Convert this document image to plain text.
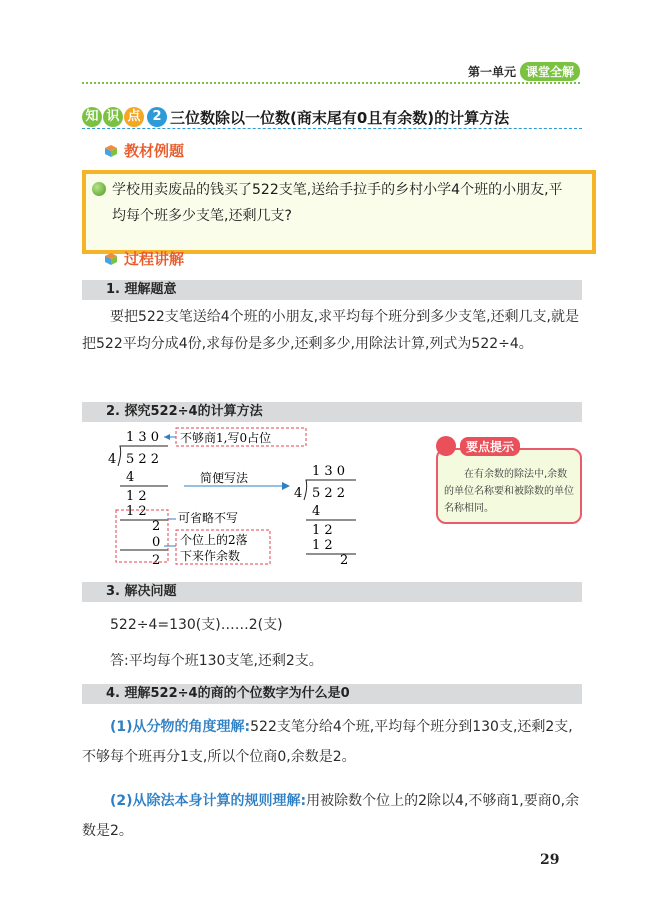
第一单元 课堂全解
知 识 点 2 三位数除以一位数(商末尾有0且有余数)的计算方法
教材例题
学校用卖废品的钱买了522支笔,送给手拉手的乡村小学4个班的小朋友,平均每个班多少支笔,还剩几支?
过程讲解
1. 理解题意
要把522支笔送给4个班的小朋友,求平均每个班分到多少支笔,还剩几支,就是把522平均分成4份,求每份是多少,还剩多少,用除法计算,列式为522÷4。
2. 探究522÷4的计算方法
1 3 0
4 5 2 2
4
1 2
1 2
2
0
2
不够商1,写0占位
简便写法
可省略不写
个位上的2落
下来作余数
1 3 0
4 5 2 2
4
1 2
1 2
2
要点提示
在有余数的除法中,余数的单位名称要和被除数的单位名称相同。
3. 解决问题
522÷4=130(支)……2(支)
答:平均每个班130支笔,还剩2支。
4. 理解522÷4的商的个位数字为什么是0
(1)从分物的角度理解:522支笔分给4个班,平均每个班分到130支,还剩2支,不够每个班再分1支,所以个位商0,余数是2。
(2)从除法本身计算的规则理解:用被除数个位上的2除以4,不够商1,要商0,余数是2。
29
